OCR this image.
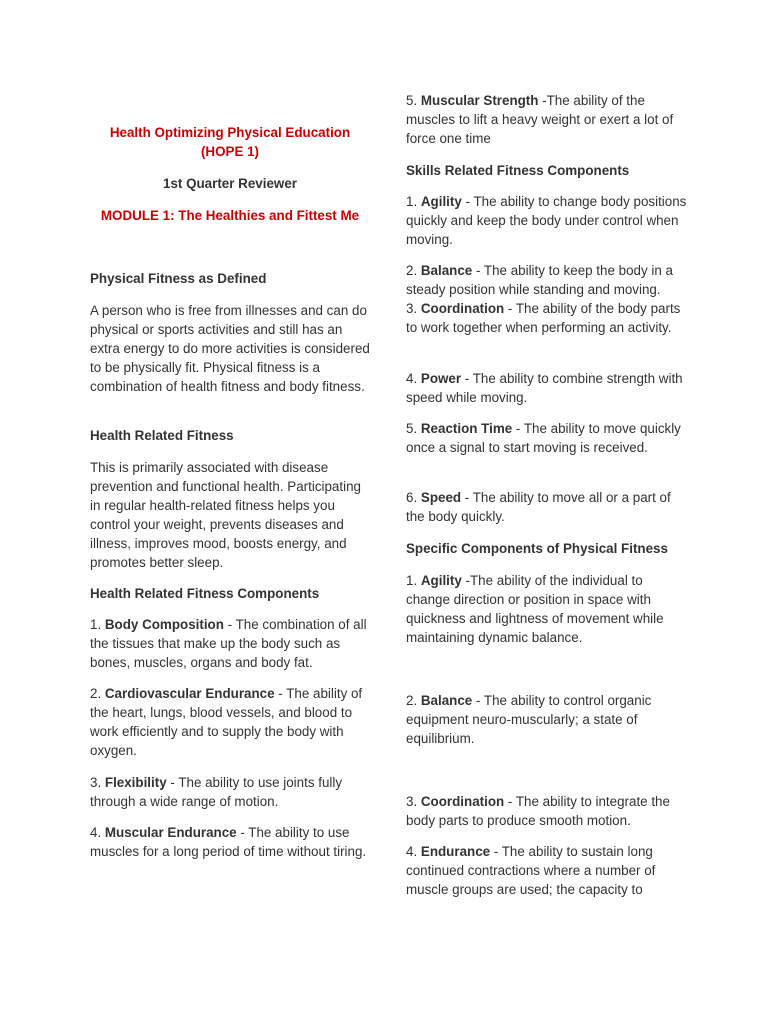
Health Optimizing Physical Education
(HOPE 1)
1st Quarter Reviewer
MODULE 1: The Healthies and Fittest Me
Physical Fitness as Defined

A person who is free from illnesses and can do physical or sports activities and still has an extra energy to do more activities is considered to be physically fit. Physical fitness is a combination of health fitness and body fitness.

Health Related Fitness

This is primarily associated with disease prevention and functional health. Participating in regular health-related fitness helps you control your weight, prevents diseases and illness, improves mood, boosts energy, and promotes better sleep.

Health Related Fitness Components

1. Body Composition - The combination of all the tissues that make up the body such as bones, muscles, organs and body fat.

2. Cardiovascular Endurance - The ability of the heart, lungs, blood vessels, and blood to work efficiently and to supply the body with oxygen.

3. Flexibility - The ability to use joints fully through a wide range of motion.

4. Muscular Endurance - The ability to use muscles for a long period of time without tiring.

5. Muscular Strength -The ability of the muscles to lift a heavy weight or exert a lot of force one time

Skills Related Fitness Components

1. Agility - The ability to change body positions quickly and keep the body under control when moving.

2. Balance - The ability to keep the body in a steady position while standing and moving.

3. Coordination - The ability of the body parts to work together when performing an activity.

4. Power - The ability to combine strength with speed while moving.

5. Reaction Time - The ability to move quickly once a signal to start moving is received.

6. Speed - The ability to move all or a part of the body quickly.

Specific Components of Physical Fitness

1. Agility -The ability of the individual to change direction or position in space with quickness and lightness of movement while maintaining dynamic balance.

2. Balance - The ability to control organic equipment neuro-muscularly; a state of equilibrium.

3. Coordination - The ability to integrate the body parts to produce smooth motion.

4. Endurance - The ability to sustain long continued contractions where a number of muscle groups are used; the capacity to
